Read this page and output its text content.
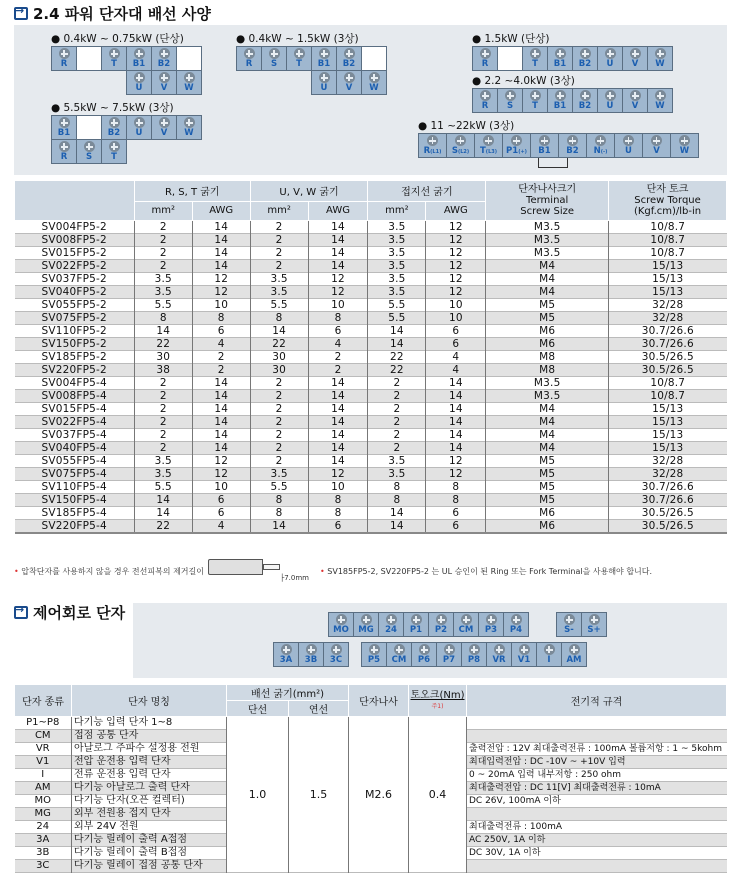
→
2.4 파워 단자대 배선 사양
● 0.4kW ~ 0.75kW (단상)
R	T B1 B2
U V W
● 0.4kW ~ 1.5kW (3상)
R S T B1 B2
U V W
● 1.5kW (단상)
R	T B1 B2 U V W
● 2.2 ~4.0kW (3상)
R S T B1 B2 U V W
● 5.5kW ~ 7.5kW (3상)
B1	B2 U V W
R S T
● 11 ~22kW (3상)
R(L1) S(L2) T(L3) P1(+) B1 B2 N(-) U	V W
	R, S, T 굵기	U, V, W 굵기	접지선 굵기	단자나사크기
Terminal
Screw Size

단자 토크
Screw Torque
(Kgf.cm)/lb-in

	mm²	AWG	mm²	AWG	mm²	AWG		
SV004FP5-2	2	14	2	14	3.5	12	M3.5	10/8.7
SV008FP5-2	2	14	2	14	3.5	12	M3.5	10/8.7
SV015FP5-2	2	14	2	14	3.5	12	M3.5	10/8.7
SV022FP5-2	2	14	2	14	3.5	12	M4	15/13
SV037FP5-2	3.5	12	3.5	12	3.5	12	M4	15/13
SV040FP5-2	3.5	12	3.5	12	3.5	12	M4	15/13
SV055FP5-2	5.5	10	5.5	10	5.5	10	M5	32/28
SV075FP5-2	8	8	8	8	5.5	10	M5	32/28
SV110FP5-2	14	6	14	6	14	6	M6	30.7/26.6
SV150FP5-2	22	4	22	4	14	6	M6	30.7/26.6
SV185FP5-2	30	2	30	2	22	4	M8	30.5/26.5
SV220FP5-2	38	2	30	2	22	4	M8	30.5/26.5
SV004FP5-4	2	14	2	14	2	14	M3.5	10/8.7
SV008FP5-4	2	14	2	14	2	14	M3.5	10/8.7
SV015FP5-4	2	14	2	14	2	14	M4	15/13
SV022FP5-4	2	14	2	14	2	14	M4	15/13
SV037FP5-4	2	14	2	14	2	14	M4	15/13
SV040FP5-4	2	14	2	14	2	14	M4	15/13
SV055FP5-4	3.5	12	2	14	3.5	12	M5	32/28
SV075FP5-4	3.5	12	3.5	12	3.5	12	M5	32/28
SV110FP5-4	5.5	10	5.5	10	8	8	M5	30.7/26.6
SV150FP5-4	14	6	8	8	8	8	M5	30.7/26.6
SV185FP5-4	14	6	8	8	14	6	M6	30.5/26.5
SV220FP5-4	22	4	14	6	14	6	M6	30.5/26.5
• 압착단자를 사용하지 않을 경우 전선피복의 제거길이
├7.0mm
• SV185FP5-2, SV220FP5-2 는 UL 승인이 된 Ring 또는 Fork Terminal을 사용해야 합니다.
→
제어회로 단자
MO MG 24 P1 P2 CM P3 P4	S- S+
3A 3B 3C	P5 CM P6 P7 P8 VR V1 I AM
단자 종류	단자 명칭	배선 굵기(mm²)		단자나사	토오크$(Nm)^{주1)}$	전기적 규격
		단선	연선			
P1~P8	다기능 입력 단자 1~8	1.0	1.5	M2.6	0.4	
CM	접점 공통 단자					
VR	아날로그 주파수 설정용 전원					출력전압 : 12V 최대출력전류 : 100mA 볼륨저항 : 1 ~ 5kohm
V1	전압 운전용 입력 단자					최대입력전압 : DC -10V ~ +10V 입력
I	전류 운전용 입력 단자					0 ~ 20mA 입력 내부저항 : 250 ohm
AM	다기능 아날로그 출력 단자					최대출력전압 : DC 11[V] 최대출력전류 : 10mA
MO	다기능 단자(오픈 컬렉터)					DC 26V, 100mA 이하
MG	외부 전원용 접지 단자					
24	외부 24V 전원					최대출력전류 : 100mA
3A	다기능 릴레이 출력 A접점					AC 250V, 1A 이하
3B	다기능 릴레이 출력 B접점					DC 30V, 1A 이하
3C	다기능 릴레이 접점 공통 단자					
